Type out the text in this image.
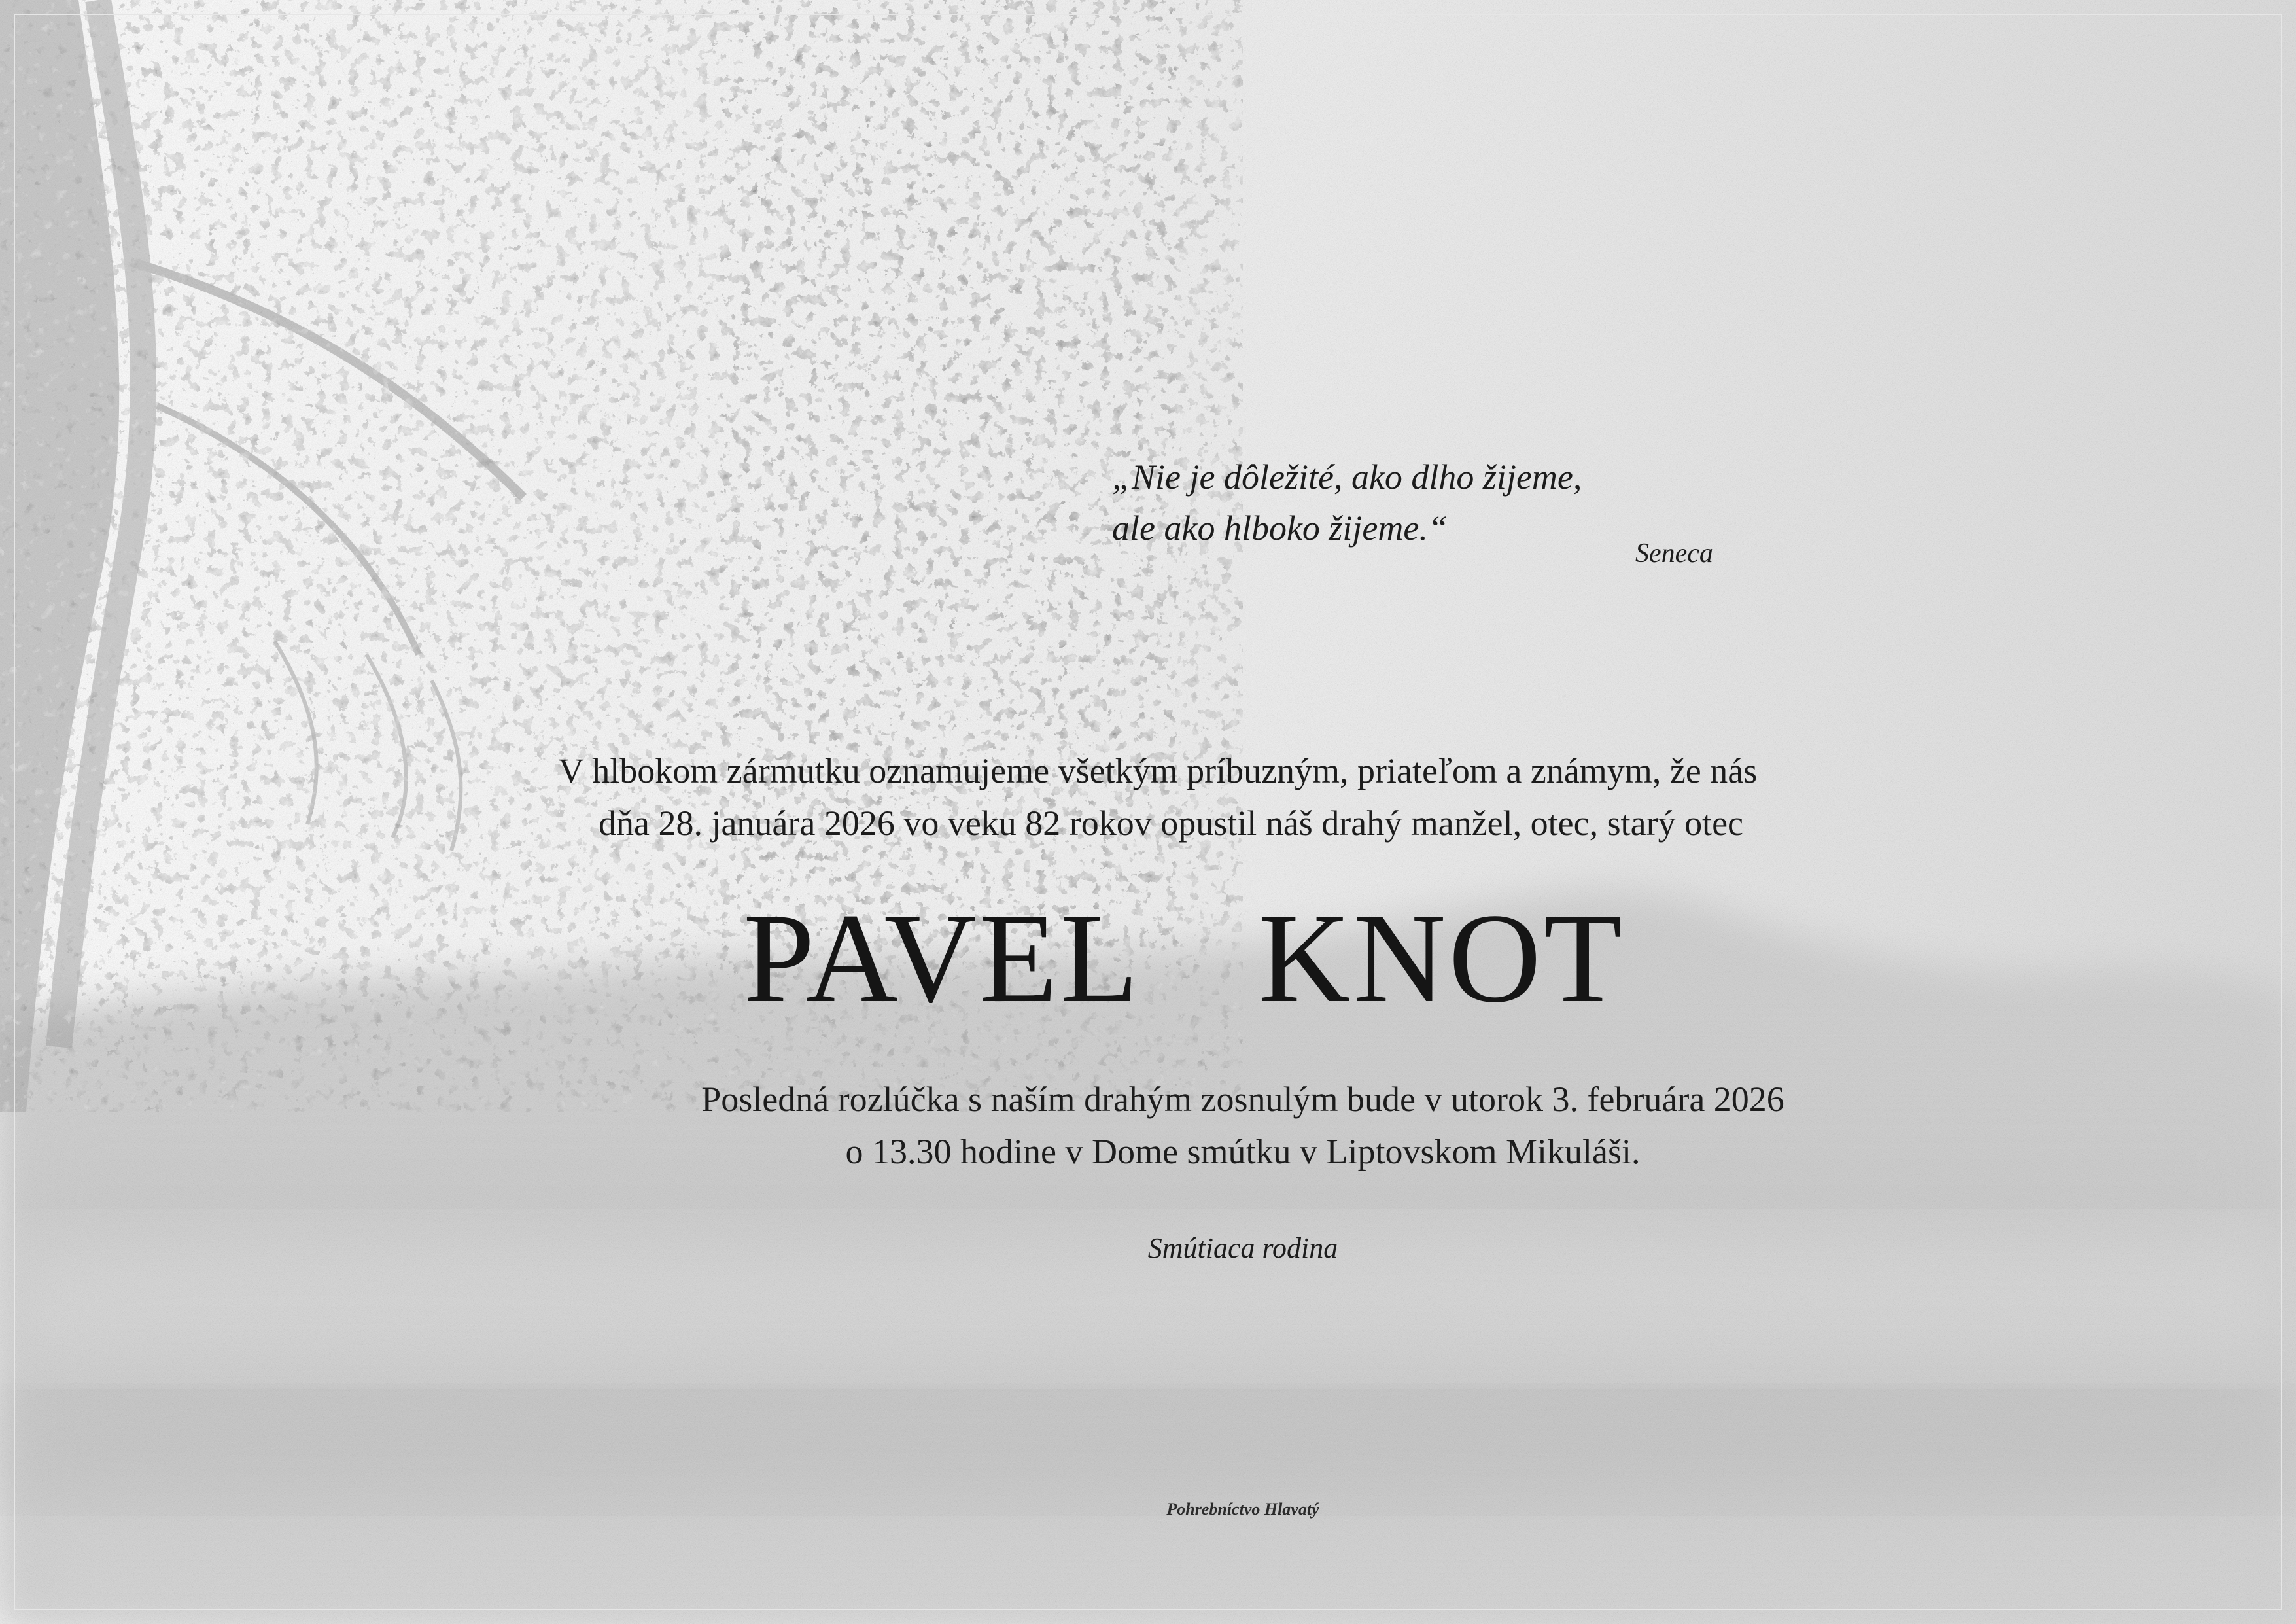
„Nie je dôležité, ako dlho žijeme,
ale ako hlboko žijeme.“
Seneca
V hlbokom zármutku oznamujeme všetkým príbuzným, priateľom a známym, že nás
dňa 28. januára 2026 vo veku 82 rokov opustil náš drahý manžel, otec, starý otec
PAVEL  KNOT
Posledná rozlúčka s naším drahým zosnulým bude v utorok 3. februára 2026
o 13.30 hodine v Dome smútku v Liptovskom Mikuláši.
Smútiaca rodina
Pohrebníctvo Hlavatý
